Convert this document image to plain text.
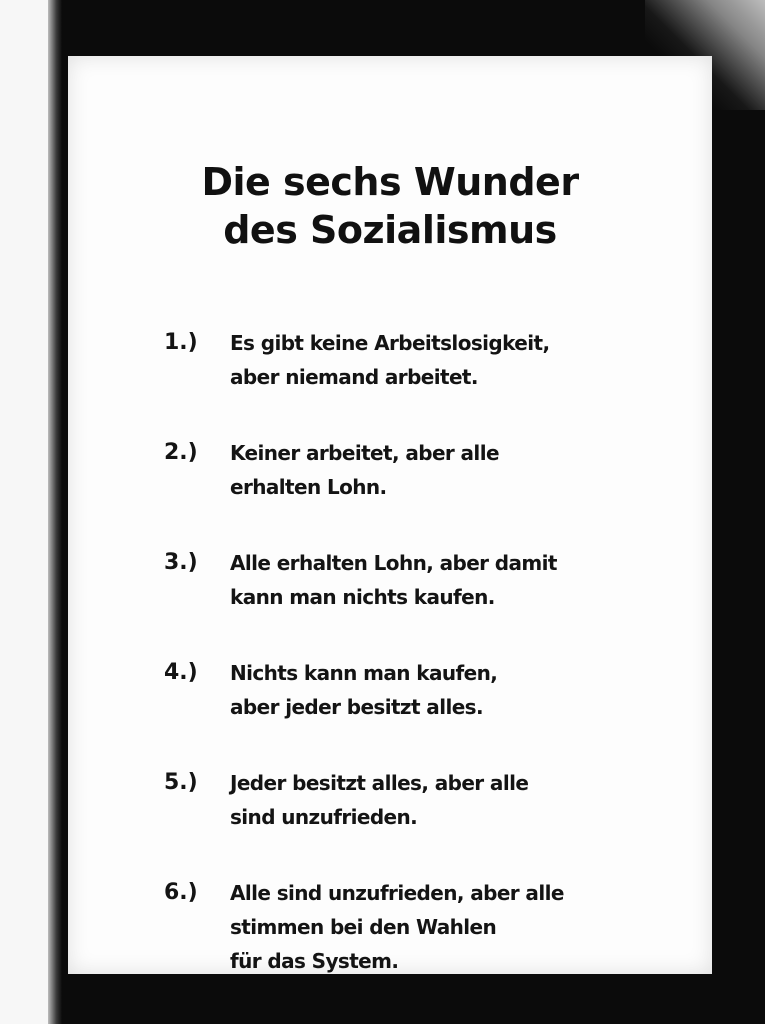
Die sechs Wunder
des Sozialismus
1.) Es gibt keine Arbeitslosigkeit,
aber niemand arbeitet.
2.) Keiner arbeitet, aber alle
erhalten Lohn.
3.) Alle erhalten Lohn, aber damit
kann man nichts kaufen.
4.) Nichts kann man kaufen,
aber jeder besitzt alles.
5.) Jeder besitzt alles, aber alle
sind unzufrieden.
6.) Alle sind unzufrieden, aber alle
stimmen bei den Wahlen
für das System.
